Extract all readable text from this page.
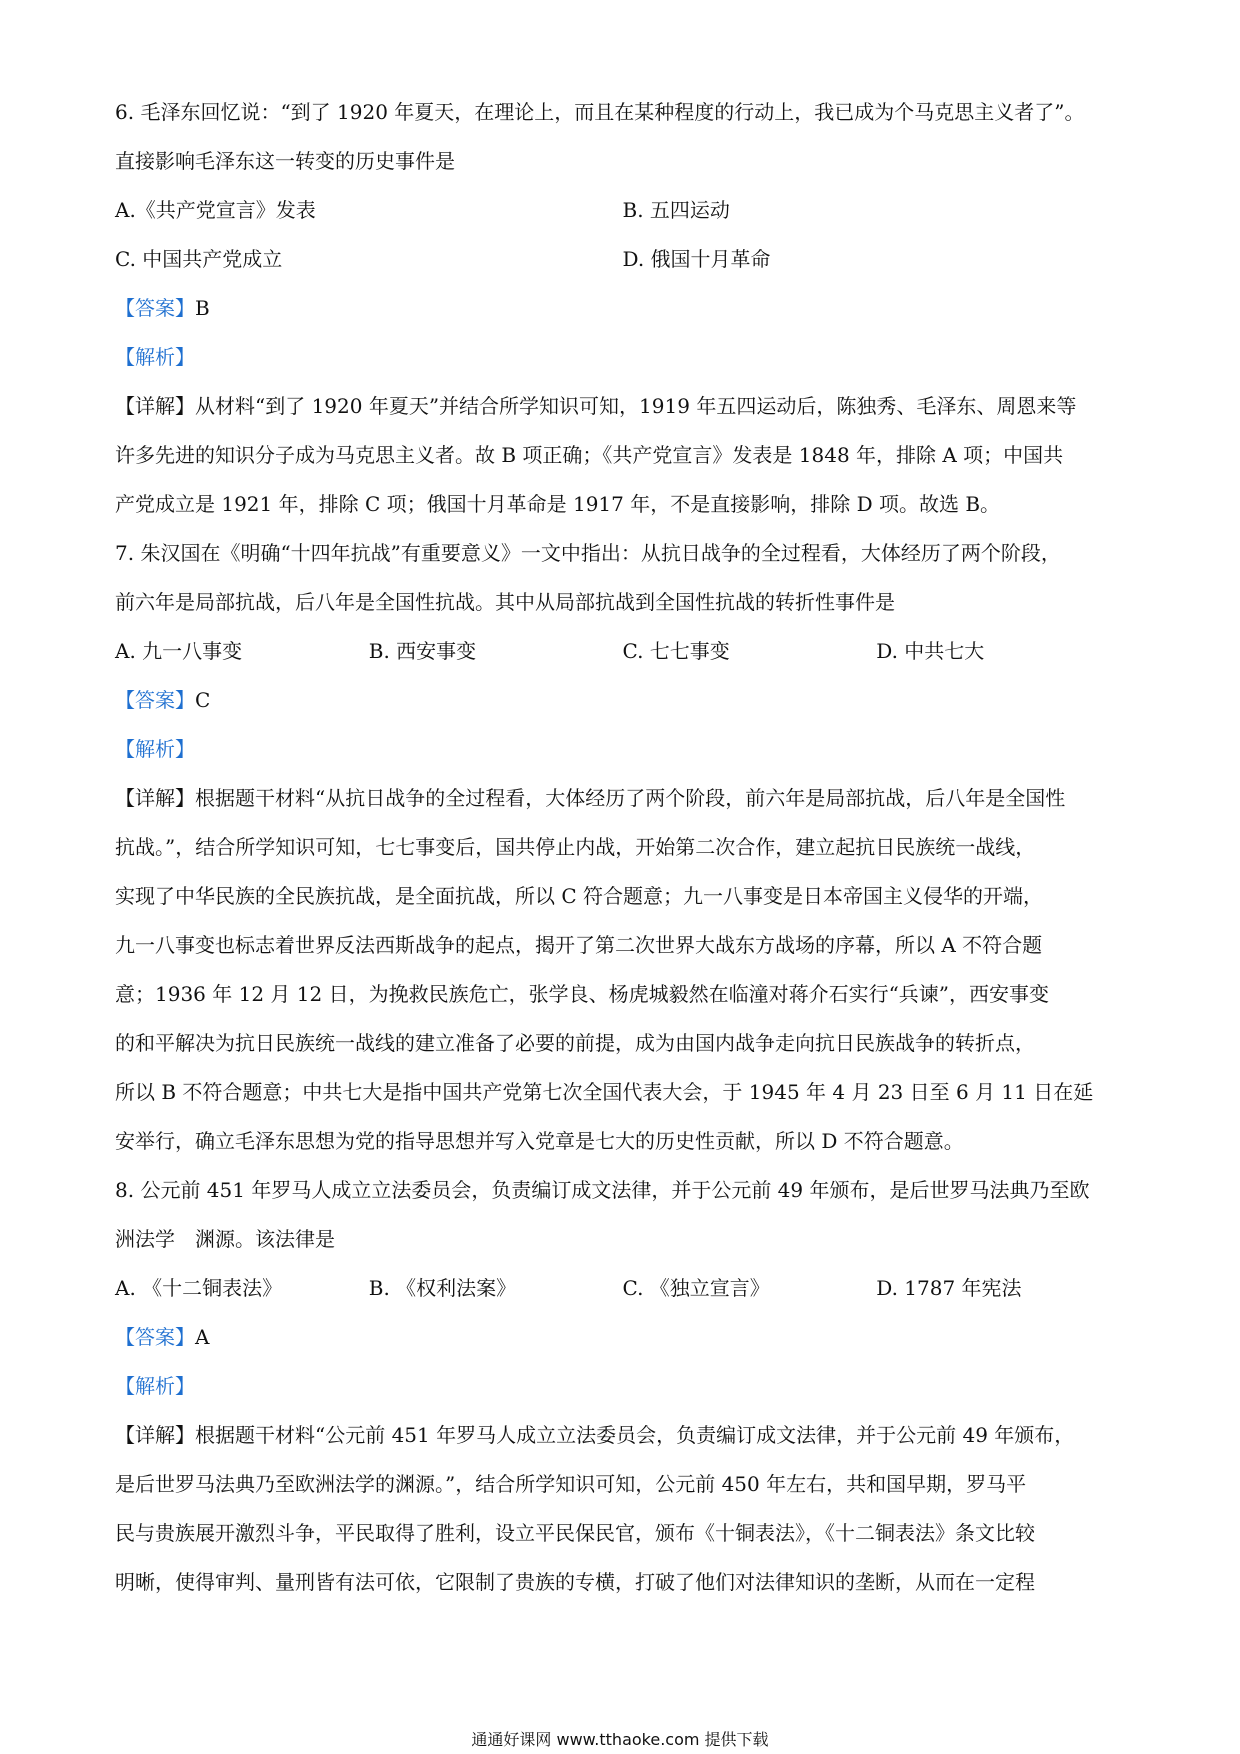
6. 毛泽东回忆说：“到了 1920 年夏天，在理论上，而且在某种程度的行动上，我已成为个马克思主义者了”。
直接影响毛泽东这一转变的历史事件是
A.《共产党宣言》发表	B. 五四运动
C. 中国共产党成立	D. 俄国十月革命
【答案】B
【解析】
【详解】从材料“到了 1920 年夏天”并结合所学知识可知，1919 年五四运动后，陈独秀、毛泽东、周恩来等
许多先进的知识分子成为马克思主义者。故 B 项正确；《共产党宣言》发表是 1848 年，排除 A 项；中国共
产党成立是 1921 年，排除 C 项；俄国十月革命是 1917 年，不是直接影响，排除 D 项。故选 B。
7. 朱汉国在《明确“十四年抗战”有重要意义》一文中指出：从抗日战争的全过程看，大体经历了两个阶段，
前六年是局部抗战，后八年是全国性抗战。其中从局部抗战到全国性抗战的转折性事件是
A. 九一八事变	B. 西安事变	C. 七七事变	D. 中共七大
【答案】C
【解析】
【详解】根据题干材料“从抗日战争的全过程看，大体经历了两个阶段，前六年是局部抗战，后八年是全国性
抗战。”，结合所学知识可知，七七事变后，国共停止内战，开始第二次合作，建立起抗日民族统一战线，
实现了中华民族的全民族抗战，是全面抗战，所以 C 符合题意；九一八事变是日本帝国主义侵华的开端，
九一八事变也标志着世界反法西斯战争的起点，揭开了第二次世界大战东方战场的序幕，所以 A 不符合题
意；1936 年 12 月 12 日，为挽救民族危亡，张学良、杨虎城毅然在临潼对蒋介石实行“兵谏”，西安事变
的和平解决为抗日民族统一战线的建立准备了必要的前提，成为由国内战争走向抗日民族战争的转折点，
所以 B 不符合题意；中共七大是指中国共产党第七次全国代表大会，于 1945 年 4 月 23 日至 6 月 11 日在延
安举行，确立毛泽东思想为党的指导思想并写入党章是七大的历史性贡献，所以 D 不符合题意。
8. 公元前 451 年罗马人成立立法委员会，负责编订成文法律，并于公元前 49 年颁布，是后世罗马法典乃至欧
洲法学　渊源。该法律是
A. 《十二铜表法》	B. 《权利法案》	C. 《独立宣言》	D. 1787 年宪法
【答案】A
【解析】
【详解】根据题干材料“公元前 451 年罗马人成立立法委员会，负责编订成文法律，并于公元前 49 年颁布，
是后世罗马法典乃至欧洲法学的渊源。”，结合所学知识可知，公元前 450 年左右，共和国早期，罗马平
民与贵族展开激烈斗争，平民取得了胜利，设立平民保民官，颁布《十铜表法》，《十二铜表法》条文比较
明晰，使得审判、量刑皆有法可依，它限制了贵族的专横，打破了他们对法律知识的垄断，从而在一定程
通通好课网 www.tthaoke.com 提供下载
